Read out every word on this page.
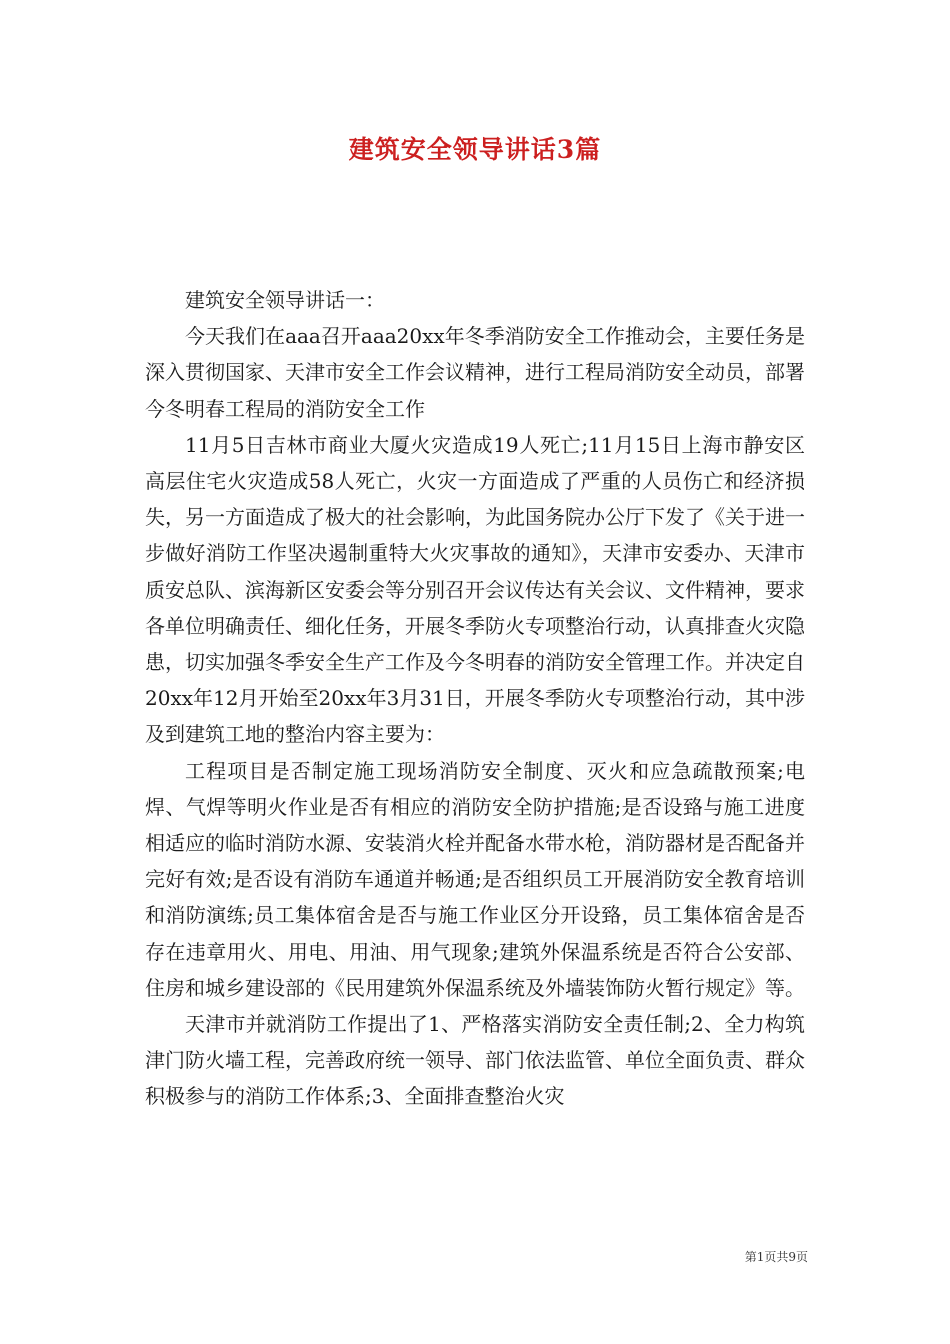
建筑安全领导讲话3篇

建筑安全领导讲话一：

今天我们在aaa召开aaa20xx年冬季消防安全工作推动会，主要任务是深入贯彻国家、天津市安全工作会议精神，进行工程局消防安全动员，部署今冬明春工程局的消防安全工作

11月5日吉林市商业大厦火灾造成19人死亡;11月15日上海市静安区高层住宅火灾造成58人死亡，火灾一方面造成了严重的人员伤亡和经济损失，另一方面造成了极大的社会影响，为此国务院办公厅下发了《关于进一步做好消防工作坚决遏制重特大火灾事故的通知》，天津市安委办、天津市质安总队、滨海新区安委会等分别召开会议传达有关会议、文件精神，要求各单位明确责任、细化任务，开展冬季防火专项整治行动，认真排查火灾隐患，切实加强冬季安全生产工作及今冬明春的消防安全管理工作。并决定自20xx年12月开始至20xx年3月31日，开展冬季防火专项整治行动，其中涉及到建筑工地的整治内容主要为：

工程项目是否制定施工现场消防安全制度、灭火和应急疏散预案;电焊、气焊等明火作业是否有相应的消防安全防护措施;是否设臵与施工进度相适应的临时消防水源、安装消火栓并配备水带水枪，消防器材是否配备并完好有效;是否设有消防车通道并畅通;是否组织员工开展消防安全教育培训和消防演练;员工集体宿舍是否与施工作业区分开设臵，员工集体宿舍是否存在违章用火、用电、用油、用气现象;建筑外保温系统是否符合公安部、住房和城乡建设部的《民用建筑外保温系统及外墙装饰防火暂行规定》等。

天津市并就消防工作提出了1、严格落实消防安全责任制;2、全力构筑津门防火墙工程，完善政府统一领导、部门依法监管、单位全面负责、群众积极参与的消防工作体系;3、全面排查整治火灾

第1页共9页
